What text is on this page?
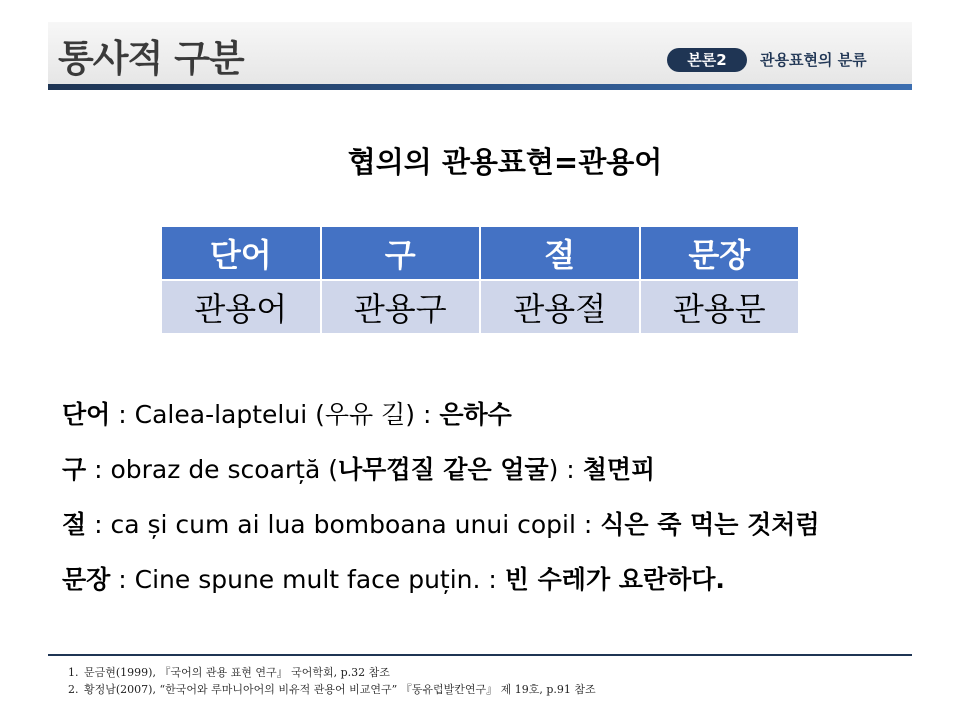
통사적 구분	본론2	관용표현의 분류
협의의 관용표현=관용어
단어	구	절	문장
관용어	관용구	관용절	관용문
단어 : Calea-laptelui (우유 길) : 은하수
구 : obraz de scoarță (나무껍질 같은 얼굴) : 철면피
절 : ca și cum ai lua bomboana unui copil : 식은 죽 먹는 것처럼
문장 : Cine spune mult face puțin. : 빈 수레가 요란하다.
1. 문금현(1999), 『국어의 관용 표현 연구』 국어학회, p.32 참조
2. 황정남(2007), “한국어와 루마니아어의 비유적 관용어 비교연구” 『동유럽발칸연구』 제 19호, p.91 참조
